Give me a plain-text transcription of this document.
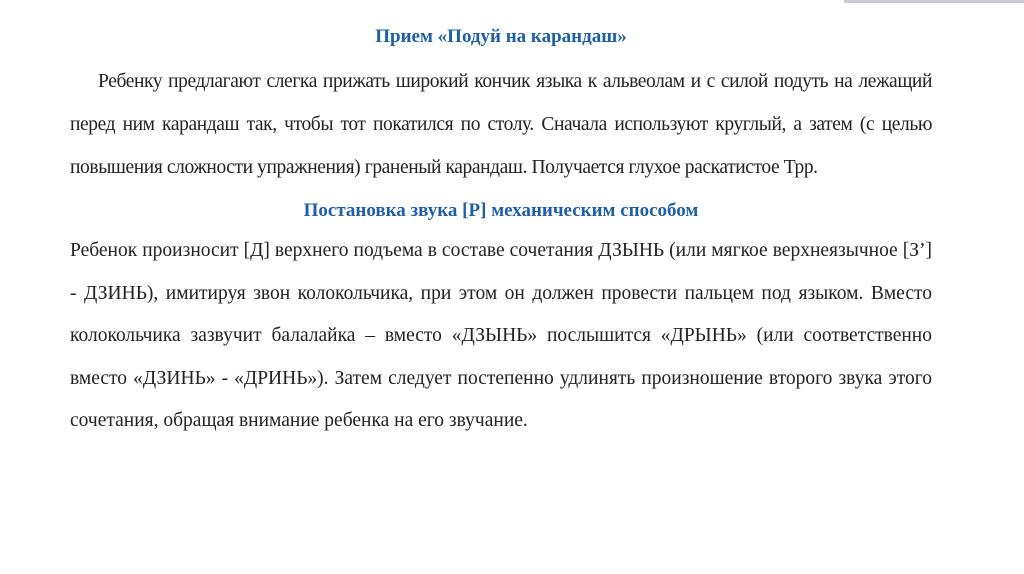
Прием «Подуй на карандаш»

Ребенку предлагают слегка прижать широкий кончик языка к альвеолам и с силой подуть на лежащий перед ним карандаш так, чтобы тот покатился по столу. Сначала используют круглый, а затем (с целью повышения сложности упражнения) граненый карандаш. Получается глухое раскатистое Трр.

Постановка звука [Р] механическим способом

Ребенок произносит [Д] верхнего подъема в составе сочетания ДЗЫНЬ (или мягкое верхнеязычное [З’] - ДЗИНЬ), имитируя звон колокольчика, при этом он должен провести пальцем под языком. Вместо колокольчика зазвучит балалайка – вместо «ДЗЫНЬ» послышится «ДРЫНЬ» (или соответственно вместо «ДЗИНЬ» - «ДРИНЬ»). Затем следует постепенно удлинять произношение второго звука этого сочетания, обращая внимание ребенка на его звучание.
